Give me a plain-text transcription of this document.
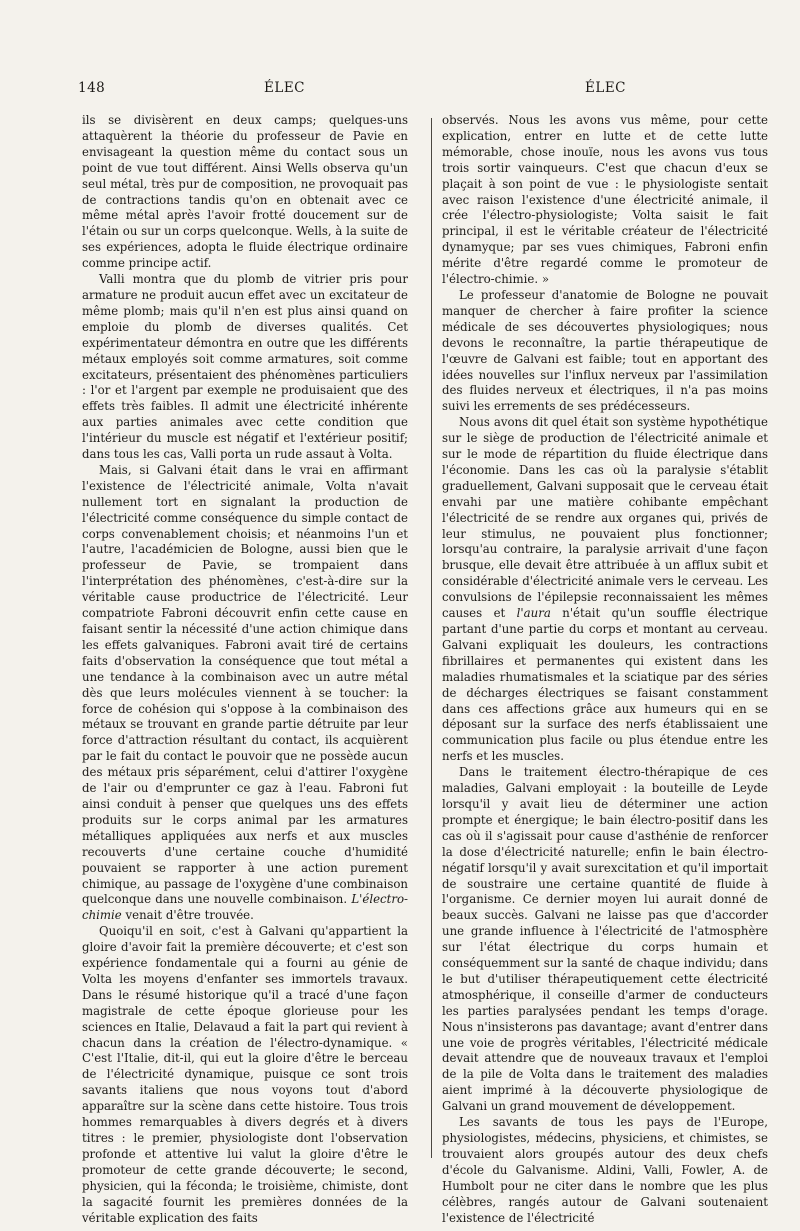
148	ÉLEC	ÉLEC

ils se divisèrent en deux camps; quelques-uns attaquèrent la théorie du professeur de Pavie en envisageant la question même du contact sous un point de vue tout différent. Ainsi Wells observa qu'un seul métal, très pur de composition, ne provoquait pas de contractions tandis qu'on en obtenait avec ce même métal après l'avoir frotté doucement sur de l'étain ou sur un corps quelconque. Wells, à la suite de ses expériences, adopta le fluide électrique ordinaire comme principe actif.

Valli montra que du plomb de vitrier pris pour armature ne produit aucun effet avec un excitateur de même plomb; mais qu'il n'en est plus ainsi quand on emploie du plomb de diverses qualités. Cet expérimentateur démontra en outre que les différents métaux employés soit comme armatures, soit comme excitateurs, présentaient des phénomènes particuliers : l'or et l'argent par exemple ne produisaient que des effets très faibles. Il admit une électricité inhérente aux parties animales avec cette condition que l'intérieur du muscle est négatif et l'extérieur positif; dans tous les cas, Valli porta un rude assaut à Volta.

Mais, si Galvani était dans le vrai en affirmant l'existence de l'électricité animale, Volta n'avait nullement tort en signalant la production de l'électricité comme conséquence du simple contact de corps convenablement choisis; et néanmoins l'un et l'autre, l'académicien de Bologne, aussi bien que le professeur de Pavie, se trompaient dans l'interprétation des phénomènes, c'est-à-dire sur la véritable cause productrice de l'électricité. Leur compatriote Fabroni découvrit enfin cette cause en faisant sentir la nécessité d'une action chimique dans les effets galvaniques. Fabroni avait tiré de certains faits d'observation la conséquence que tout métal a une tendance à la combinaison avec un autre métal dès que leurs molécules viennent à se toucher: la force de cohésion qui s'oppose à la combinaison des métaux se trouvant en grande partie détruite par leur force d'attraction résultant du contact, ils acquièrent par le fait du contact le pouvoir que ne possède aucun des métaux pris séparément, celui d'attirer l'oxygène de l'air ou d'emprunter ce gaz à l'eau. Fabroni fut ainsi conduit à penser que quelques uns des effets produits sur le corps animal par les armatures métalliques appliquées aux nerfs et aux muscles recouverts d'une certaine couche d'humidité pouvaient se rapporter à une action purement chimique, au passage de l'oxygène d'une combinaison quelconque dans une nouvelle combinaison. L'électro-chimie venait d'être trouvée.

Quoiqu'il en soit, c'est à Galvani qu'appartient la gloire d'avoir fait la première découverte; et c'est son expérience fondamentale qui a fourni au génie de Volta les moyens d'enfanter ses immortels travaux. Dans le résumé historique qu'il a tracé d'une façon magistrale de cette époque glorieuse pour les sciences en Italie, Delavaud a fait la part qui revient à chacun dans la création de l'électro-dynamique. « C'est l'Italie, dit-il, qui eut la gloire d'être le berceau de l'électricité dynamique, puisque ce sont trois savants italiens que nous voyons tout d'abord apparaître sur la scène dans cette histoire. Tous trois hommes remarquables à divers degrés et à divers titres : le premier, physiologiste dont l'observation profonde et attentive lui valut la gloire d'être le promoteur de cette grande découverte; le second, physicien, qui la féconda; le troisième, chimiste, dont la sagacité fournit les premières données de la véritable explication des faits

observés. Nous les avons vus même, pour cette explication, entrer en lutte et de cette lutte mémorable, chose inouïe, nous les avons vus tous trois sortir vainqueurs. C'est que chacun d'eux se plaçait à son point de vue : le physiologiste sentait avec raison l'existence d'une électricité animale, il crée l'électro-physiologiste; Volta saisit le fait principal, il est le véritable créateur de l'électricité dynamyque; par ses vues chimiques, Fabroni enfin mérite d'être regardé comme le promoteur de l'électro-chimie. »

Le professeur d'anatomie de Bologne ne pouvait manquer de chercher à faire profiter la science médicale de ses découvertes physiologiques; nous devons le reconnaître, la partie thérapeutique de l'œuvre de Galvani est faible; tout en apportant des idées nouvelles sur l'influx nerveux par l'assimilation des fluides nerveux et électriques, il n'a pas moins suivi les errements de ses prédécesseurs.

Nous avons dit quel était son système hypothétique sur le siège de production de l'électricité animale et sur le mode de répartition du fluide électrique dans l'économie. Dans les cas où la paralysie s'établit graduellement, Galvani supposait que le cerveau était envahi par une matière cohibante empêchant l'électricité de se rendre aux organes qui, privés de leur stimulus, ne pouvaient plus fonctionner; lorsqu'au contraire, la paralysie arrivait d'une façon brusque, elle devait être attribuée à un afflux subit et considérable d'électricité animale vers le cerveau. Les convulsions de l'épilepsie reconnaissaient les mêmes causes et l'aura n'était qu'un souffle électrique partant d'une partie du corps et montant au cerveau. Galvani expliquait les douleurs, les contractions fibrillaires et permanentes qui existent dans les maladies rhumatismales et la sciatique par des séries de décharges électriques se faisant constamment dans ces affections grâce aux humeurs qui en se déposant sur la surface des nerfs établissaient une communication plus facile ou plus étendue entre les nerfs et les muscles.

Dans le traitement électro-thérapique de ces maladies, Galvani employait : la bouteille de Leyde lorsqu'il y avait lieu de déterminer une action prompte et énergique; le bain électro-positif dans les cas où il s'agissait pour cause d'asthénie de renforcer la dose d'électricité naturelle; enfin le bain électro-négatif lorsqu'il y avait surexcitation et qu'il importait de soustraire une certaine quantité de fluide à l'organisme. Ce dernier moyen lui aurait donné de beaux succès. Galvani ne laisse pas que d'accorder une grande influence à l'électricité de l'atmosphère sur l'état électrique du corps humain et conséquemment sur la santé de chaque individu; dans le but d'utiliser thérapeutiquement cette électricité atmosphérique, il conseille d'armer de conducteurs les parties paralysées pendant les temps d'orage. Nous n'insisterons pas davantage; avant d'entrer dans une voie de progrès véritables, l'électricité médicale devait attendre que de nouveaux travaux et l'emploi de la pile de Volta dans le traitement des maladies aient imprimé à la découverte physiologique de Galvani un grand mouvement de développement.

Les savants de tous les pays de l'Europe, physiologistes, médecins, physiciens, et chimistes, se trouvaient alors groupés autour des deux chefs d'école du Galvanisme. Aldini, Valli, Fowler, A. de Humbolt pour ne citer dans le nombre que les plus célèbres, rangés autour de Galvani soutenaient l'existence de l'électricité
